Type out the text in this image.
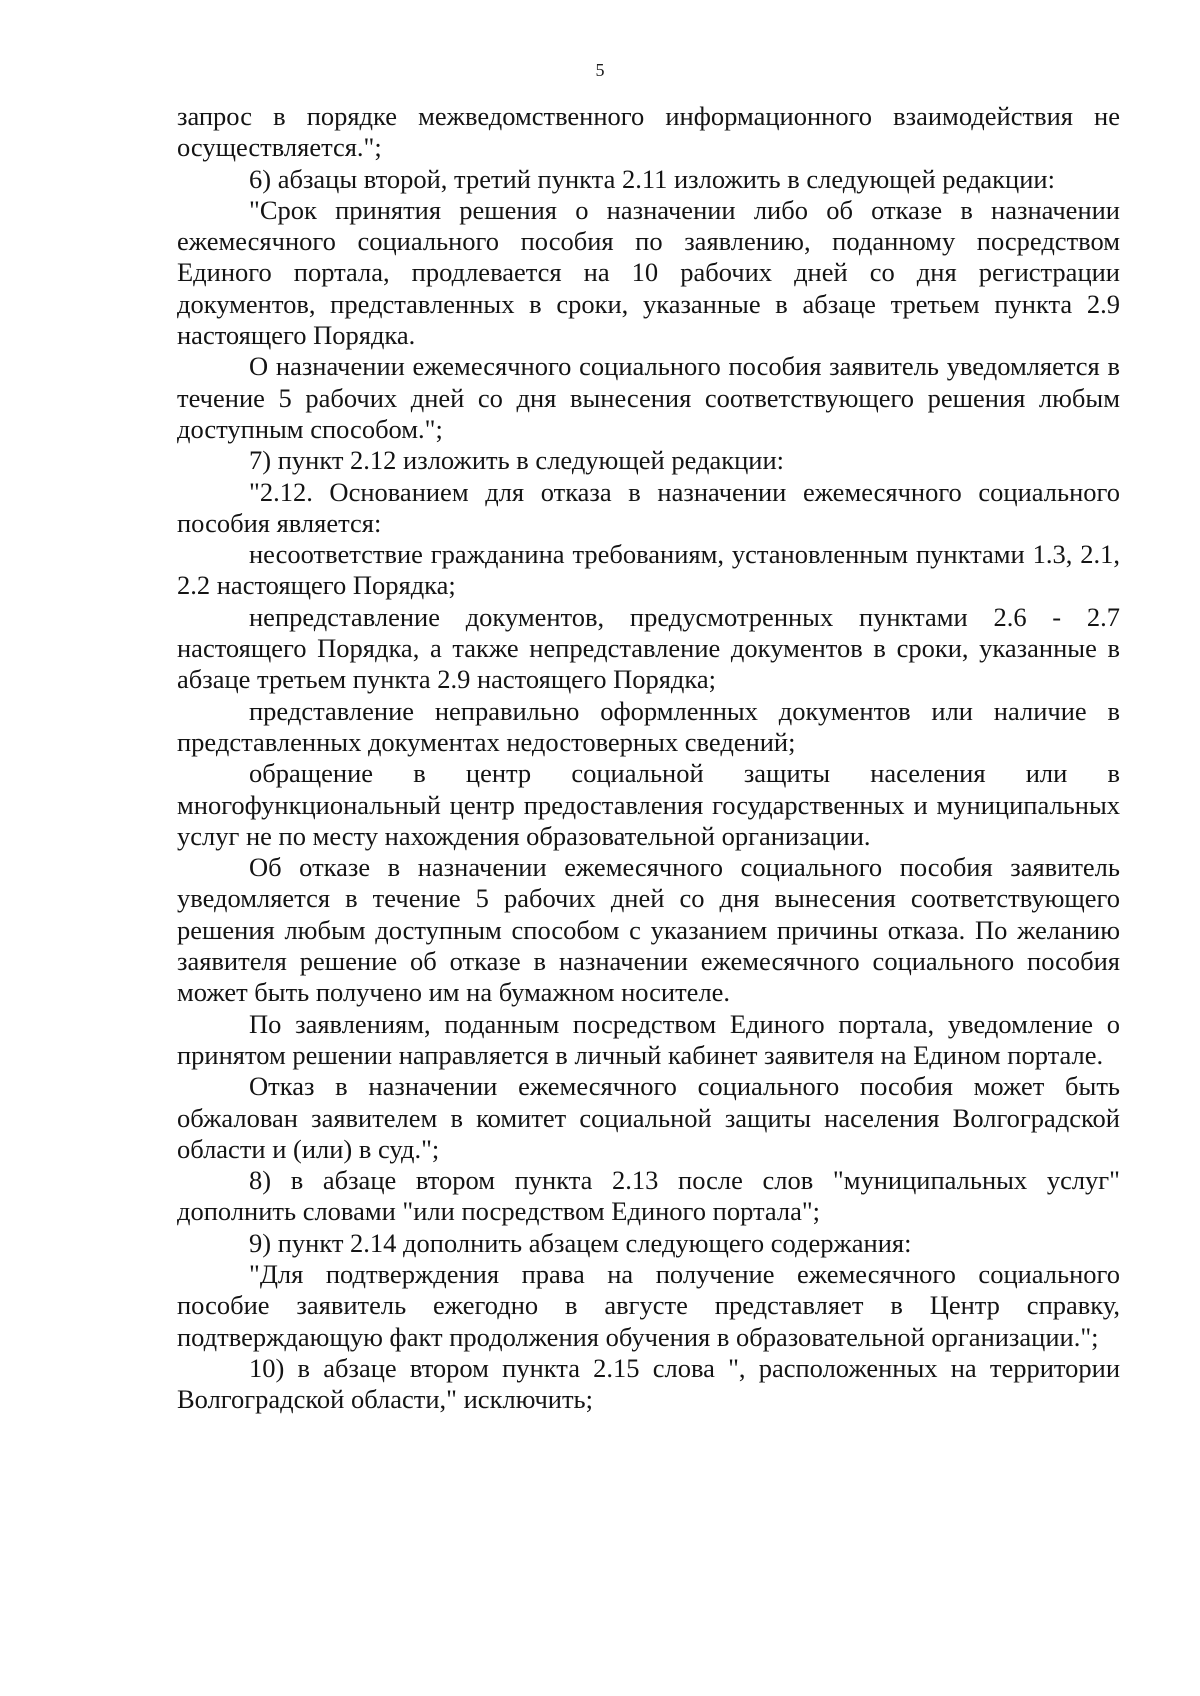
5

запрос в порядке межведомственного информационного взаимодействия не осуществляется.";

6) абзацы второй, третий пункта 2.11 изложить в следующей редакции:

"Срок принятия решения о назначении либо об отказе в назначении ежемесячного социального пособия по заявлению, поданному посредством Единого портала, продлевается на 10 рабочих дней со дня регистрации документов, представленных в сроки, указанные в абзаце третьем пункта 2.9 настоящего Порядка.

О назначении ежемесячного социального пособия заявитель уведомляется в течение 5 рабочих дней со дня вынесения соответствующего решения любым доступным способом.";

7) пункт 2.12 изложить в следующей редакции:

"2.12. Основанием для отказа в назначении ежемесячного социального пособия является:

несоответствие гражданина требованиям, установленным пунктами 1.3, 2.1, 2.2 настоящего Порядка;

непредставление документов, предусмотренных пунктами 2.6 - 2.7 настоящего Порядка, а также непредставление документов в сроки, указанные в абзаце третьем пункта 2.9 настоящего Порядка;

представление неправильно оформленных документов или наличие в представленных документах недостоверных сведений;

обращение в центр социальной защиты населения или в многофункциональный центр предоставления государственных и муниципальных услуг не по месту нахождения образовательной организации.

Об отказе в назначении ежемесячного социального пособия заявитель уведомляется в течение 5 рабочих дней со дня вынесения соответствующего решения любым доступным способом с указанием причины отказа. По желанию заявителя решение об отказе в назначении ежемесячного социального пособия может быть получено им на бумажном носителе.

По заявлениям, поданным посредством Единого портала, уведомление о принятом решении направляется в личный кабинет заявителя на Едином портале.

Отказ в назначении ежемесячного социального пособия может быть обжалован заявителем в комитет социальной защиты населения Волгоградской области и (или) в суд.";

8) в абзаце втором пункта 2.13 после слов "муниципальных услуг" дополнить словами "или посредством Единого портала";

9) пункт 2.14 дополнить абзацем следующего содержания:

"Для подтверждения права на получение ежемесячного социального пособие заявитель ежегодно в августе представляет в Центр справку, подтверждающую факт продолжения обучения в образовательной организации.";

10) в абзаце втором пункта 2.15 слова ", расположенных на территории Волгоградской области," исключить;
